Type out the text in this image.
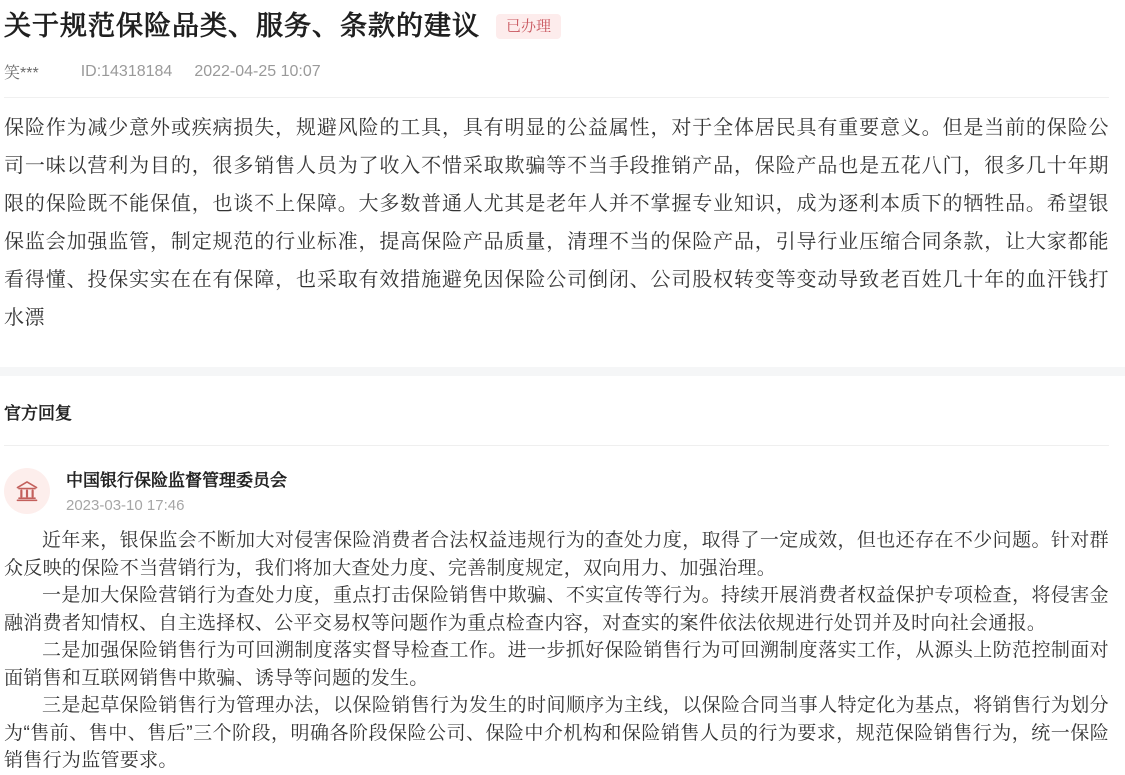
关于规范保险品类、服务、条款的建议	已办理
笑***	ID:14318184 2022-04-25 10:07
保险作为减少意外或疾病损失，规避风险的工具，具有明显的公益属性，对于全体居民具有重要意义。但是当前的保险公司一味以营利为目的，很多销售人员为了收入不惜采取欺骗等不当手段推销产品，保险产品也是五花八门，很多几十年期限的保险既不能保值，也谈不上保障。大多数普通人尤其是老年人并不掌握专业知识，成为逐利本质下的牺牲品。希望银保监会加强监管，制定规范的行业标准，提高保险产品质量，清理不当的保险产品，引导行业压缩合同条款，让大家都能看得懂、投保实实在在有保障，也采取有效措施避免因保险公司倒闭、公司股权转变等变动导致老百姓几十年的血汗钱打水漂
官方回复
中国银行保险监督管理委员会
2023-03-10 17:46

近年来，银保监会不断加大对侵害保险消费者合法权益违规行为的查处力度，取得了一定成效，但也还存在不少问题。针对群众反映的保险不当营销行为，我们将加大查处力度、完善制度规定，双向用力、加强治理。

一是加大保险营销行为查处力度，重点打击保险销售中欺骗、不实宣传等行为。持续开展消费者权益保护专项检查，将侵害金融消费者知情权、自主选择权、公平交易权等问题作为重点检查内容，对查实的案件依法依规进行处罚并及时向社会通报。

二是加强保险销售行为可回溯制度落实督导检查工作。进一步抓好保险销售行为可回溯制度落实工作，从源头上防范控制面对面销售和互联网销售中欺骗、诱导等问题的发生。

三是起草保险销售行为管理办法，以保险销售行为发生的时间顺序为主线，以保险合同当事人特定化为基点，将销售行为划分为“售前、售中、售后”三个阶段，明确各阶段保险公司、保险中介机构和保险销售人员的行为要求，规范保险销售行为，统一保险销售行为监管要求。
